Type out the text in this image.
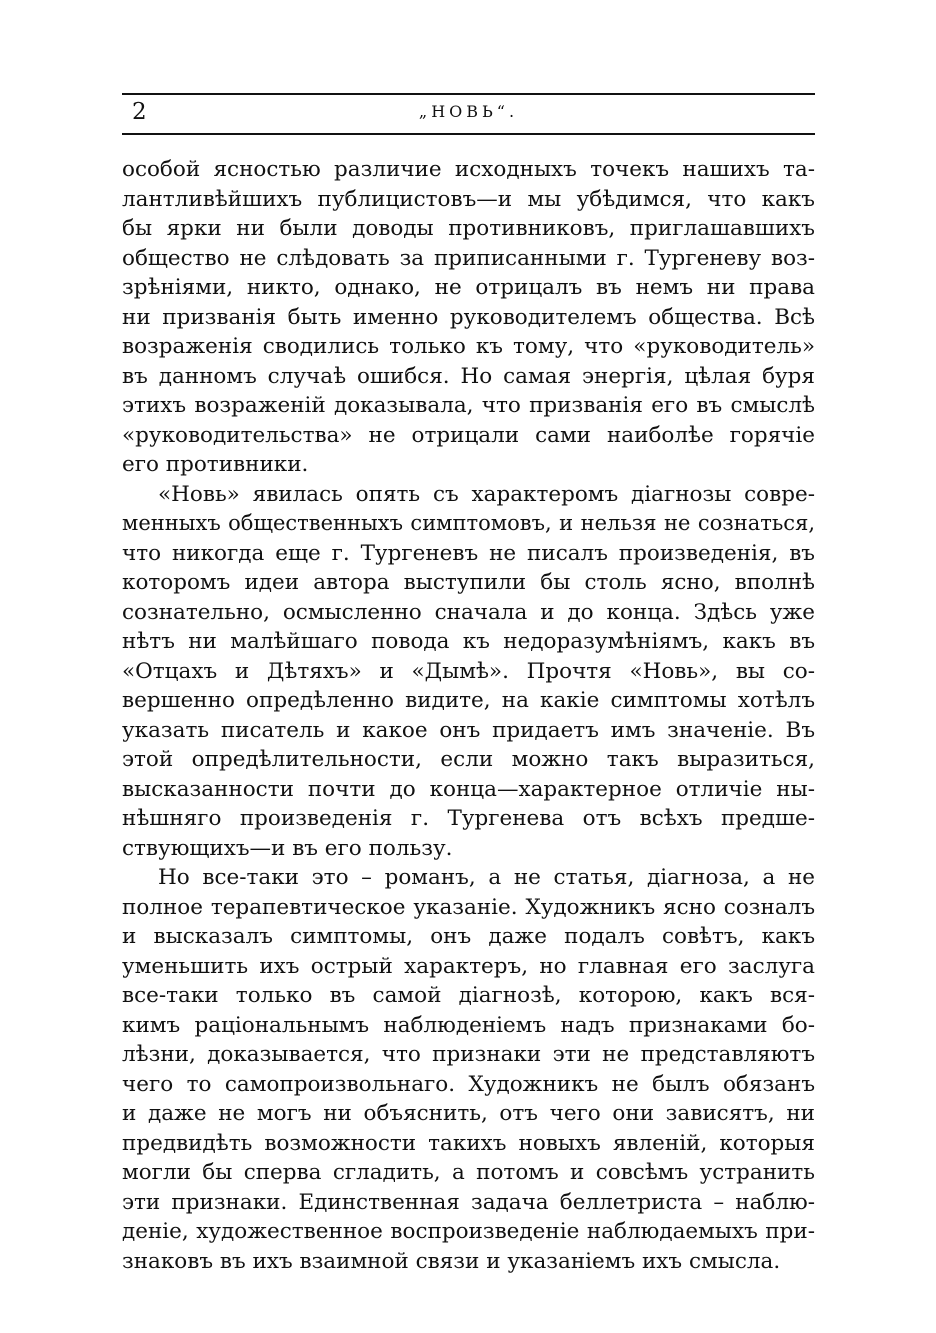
2	„НОВЬ“.
особой ясностью различие исходныхъ точекъ нашихъ та-
лантливѣйшихъ публицистовъ—и мы убѣдимся, что какъ
бы ярки ни были доводы противниковъ, приглашавшихъ
общество не слѣдовать за приписанными г. Тургеневу воз-
зрѣніями, никто, однако, не отрицалъ въ немъ ни права
ни призванія быть именно руководителемъ общества. Всѣ
возраженія сводились только къ тому, что «руководитель»
въ данномъ случаѣ ошибся. Но самая энергія, цѣлая буря
этихъ возраженій доказывала, что призванія его въ смыслѣ
«руководительства» не отрицали сами наиболѣе горячіе
его противники.
«Новь» явилась опять съ характеромъ діагнозы совре-
менныхъ общественныхъ симптомовъ, и нельзя не сознаться,
что никогда еще г. Тургеневъ не писалъ произведенія, въ
которомъ идеи автора выступили бы столь ясно, вполнѣ
сознательно, осмысленно сначала и до конца. Здѣсь уже
нѣтъ ни малѣйшаго повода къ недоразумѣніямъ, какъ въ
«Отцахъ и Дѣтяхъ» и «Дымѣ». Прочтя «Новь», вы со-
вершенно опредѣленно видите, на какіе симптомы хотѣлъ
указать писатель и какое онъ придаетъ имъ значеніе. Въ
этой опредѣлительности, если можно такъ выразиться,
высказанности почти до конца—характерное отличіе ны-
нѣшняго произведенія г. Тургенева отъ всѣхъ предше-
ствующихъ—и въ его пользу.
Но все-таки это – романъ, а не статья, діагноза, а не
полное терапевтическое указаніе. Художникъ ясно созналъ
и высказалъ симптомы, онъ даже подалъ совѣтъ, какъ
уменьшить ихъ острый характеръ, но главная его заслуга
все-таки только въ самой діагнозѣ, которою, какъ вся-
кимъ раціональнымъ наблюденіемъ надъ признаками бо-
лѣзни, доказывается, что признаки эти не представляютъ
чего то самопроизвольнаго. Художникъ не былъ обязанъ
и даже не могъ ни объяснить, отъ чего они зависятъ, ни
предвидѣть возможности такихъ новыхъ явленій, которыя
могли бы сперва сгладить, а потомъ и совсѣмъ устранить
эти признаки. Единственная задача беллетриста – наблю-
деніе, художественное воспроизведеніе наблюдаемыхъ при-
знаковъ въ ихъ взаимной связи и указаніемъ ихъ смысла.
